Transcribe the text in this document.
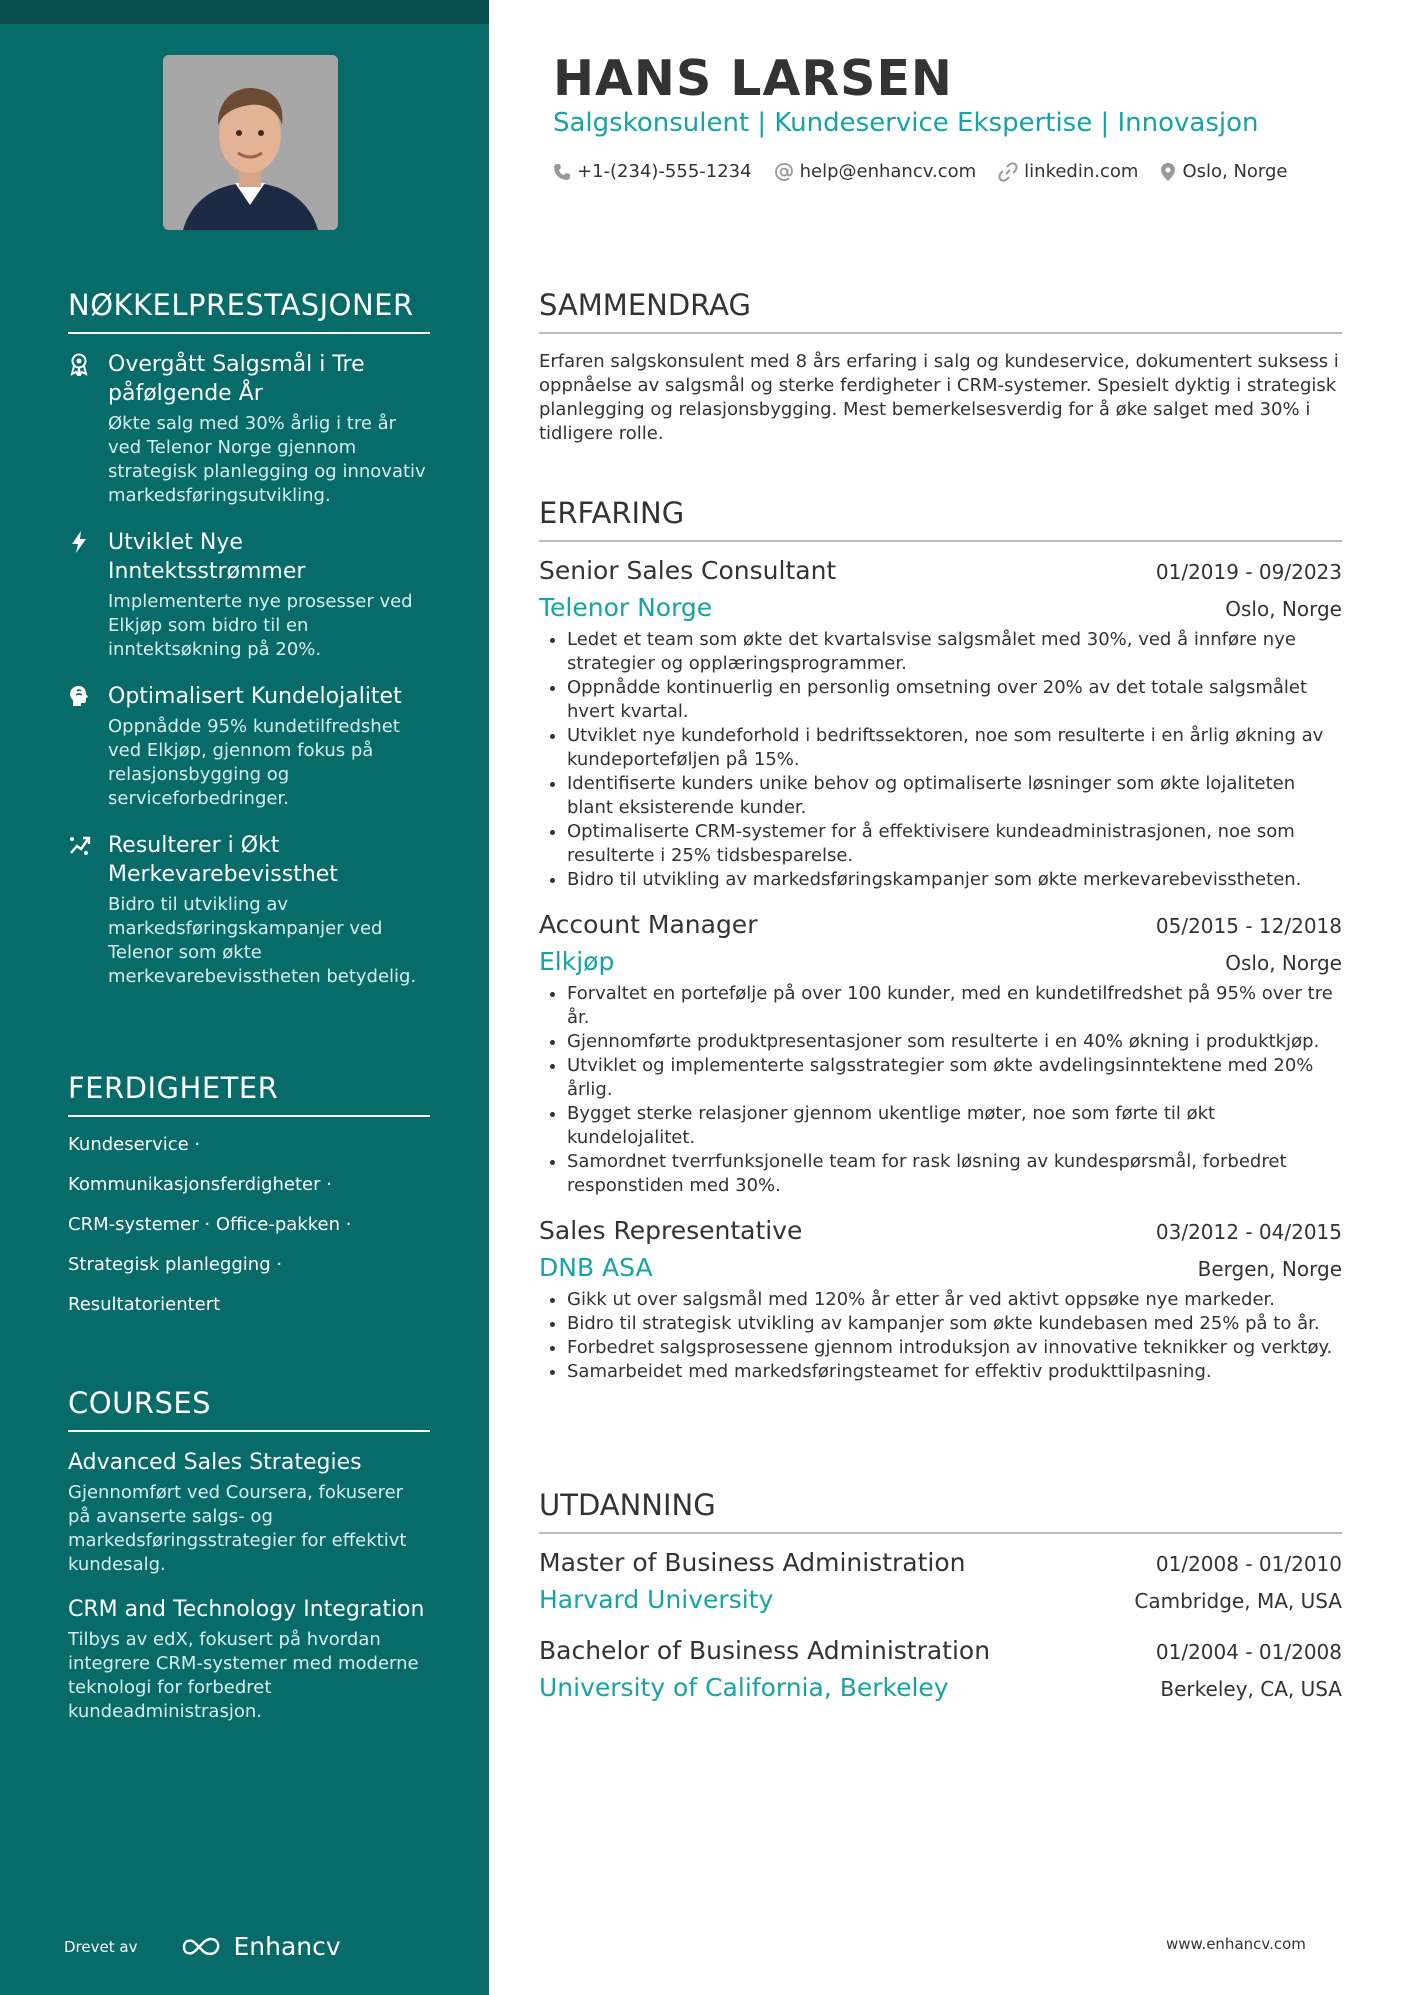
NØKKELPRESTASJONER
Overgått Salgsmål i Tre påfølgende År
Økte salg med 30% årlig i tre år ved Telenor Norge gjennom strategisk planlegging og innovativ markedsføringsutvikling.
Utviklet Nye Inntektsstrømmer
Implementerte nye prosesser ved Elkjøp som bidro til en inntektsøkning på 20%.
Optimalisert Kundelojalitet
Oppnådde 95% kundetilfredshet ved Elkjøp, gjennom fokus på relasjonsbygging og serviceforbedringer.
Resulterer i Økt Merkevarebevissthet
Bidro til utvikling av markedsføringskampanjer ved Telenor som økte merkevarebevisstheten betydelig.
FERDIGHETER
Kundeservice ·
Kommunikasjonsferdigheter ·
CRM-systemer · Office-pakken ·
Strategisk planlegging ·
Resultatorientert
COURSES
Advanced Sales Strategies
Gjennomført ved Coursera, fokuserer på avanserte salgs- og markedsføringsstrategier for effektivt kundesalg.
CRM and Technology Integration
Tilbys av edX, fokusert på hvordan integrere CRM-systemer med moderne teknologi for forbedret kundeadministrasjon.
Drevet av	Enhancv
HANS LARSEN
Salgskonsulent | Kundeservice Ekspertise | Innovasjon
+1-(234)-555-1234	help@enhancv.com	linkedin.com Oslo, Norge
SAMMENDRAG
Erfaren salgskonsulent med 8 års erfaring i salg og kundeservice, dokumentert suksess i oppnåelse av salgsmål og sterke ferdigheter i CRM-systemer. Spesielt dyktig i strategisk planlegging og relasjonsbygging. Mest bemerkelsesverdig for å øke salget med 30% i tidligere rolle.
ERFARING
Senior Sales Consultant	01/2019 - 09/2023
Telenor Norge	Oslo, Norge
• Ledet et team som økte det kvartalsvise salgsmålet med 30%, ved å innføre nye strategier og opplæringsprogrammer.
• Oppnådde kontinuerlig en personlig omsetning over 20% av det totale salgsmålet hvert kvartal.
• Utviklet nye kundeforhold i bedriftssektoren, noe som resulterte i en årlig økning av kundeporteføljen på 15%.
• Identifiserte kunders unike behov og optimaliserte løsninger som økte lojaliteten blant eksisterende kunder.
• Optimaliserte CRM-systemer for å effektivisere kundeadministrasjonen, noe som resulterte i 25% tidsbesparelse.
• Bidro til utvikling av markedsføringskampanjer som økte merkevarebevisstheten.
Account Manager	05/2015 - 12/2018
Elkjøp	Oslo, Norge
• Forvaltet en portefølje på over 100 kunder, med en kundetilfredshet på 95% over tre år.
• Gjennomførte produktpresentasjoner som resulterte i en 40% økning i produktkjøp.
• Utviklet og implementerte salgsstrategier som økte avdelingsinntektene med 20% årlig.
• Bygget sterke relasjoner gjennom ukentlige møter, noe som førte til økt kundelojalitet.
• Samordnet tverrfunksjonelle team for rask løsning av kundespørsmål, forbedret responstiden med 30%.
Sales Representative	03/2012 - 04/2015
DNB ASA	Bergen, Norge
• Gikk ut over salgsmål med 120% år etter år ved aktivt oppsøke nye markeder.
• Bidro til strategisk utvikling av kampanjer som økte kundebasen med 25% på to år.
• Forbedret salgsprosessene gjennom introduksjon av innovative teknikker og verktøy.
• Samarbeidet med markedsføringsteamet for effektiv produkttilpasning.
UTDANNING
Master of Business Administration	01/2008 - 01/2010
Harvard University	Cambridge, MA, USA
Bachelor of Business Administration	01/2004 - 01/2008
University of California, Berkeley	Berkeley, CA, USA
www.enhancv.com
